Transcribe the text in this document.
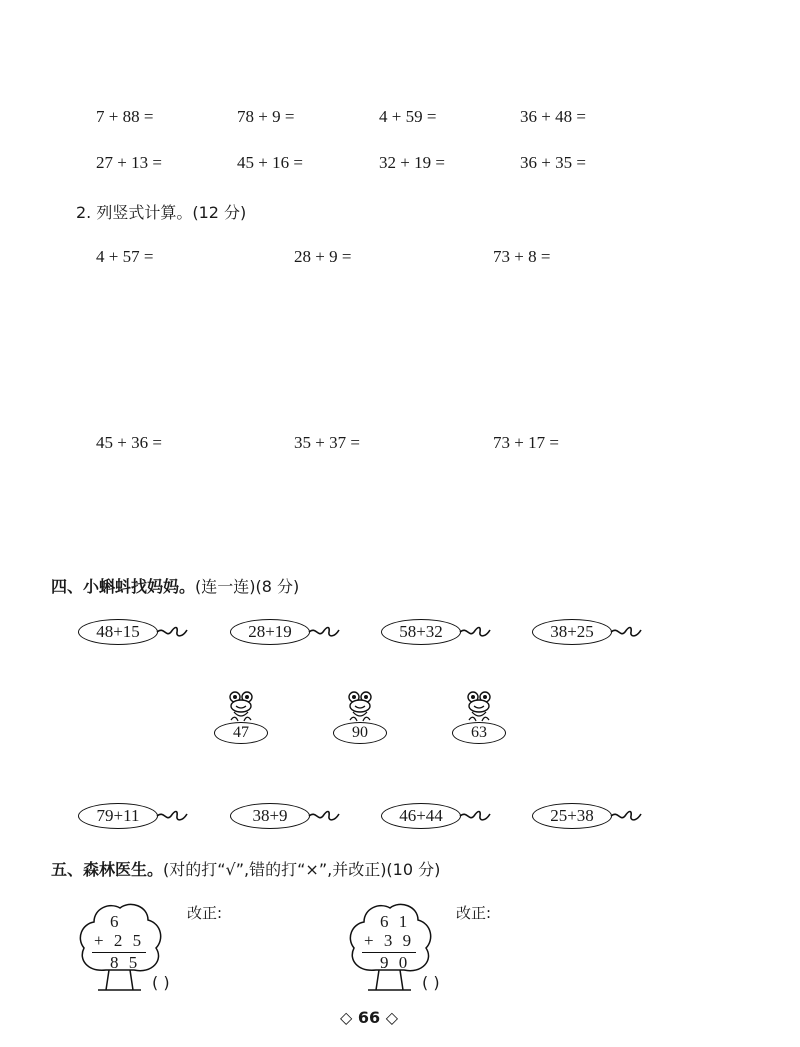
7 + 88 =	78 + 9 =	4 + 59 =	36 + 48 =
27 + 13 =	45 + 16 =	32 + 19 =	36 + 35 =
2. 列竖式计算。(12 分)
4 + 57 =	28 + 9 =	73 + 8 =
45 + 36 =	35 + 37 =	73 + 17 =
四、小蝌蚪找妈妈。(连一连)(8 分)
48+15	28+19	58+32	38+25
47	90	63
79+11	38+9	46+44	25+38
五、森林医生。(对的打“√”,错的打“×”,并改正)(10 分)
6
+ 2 5
8 5
( )
改正:	6 1
+ 3 9
9 0
( )
改正:
◇ 66 ◇
